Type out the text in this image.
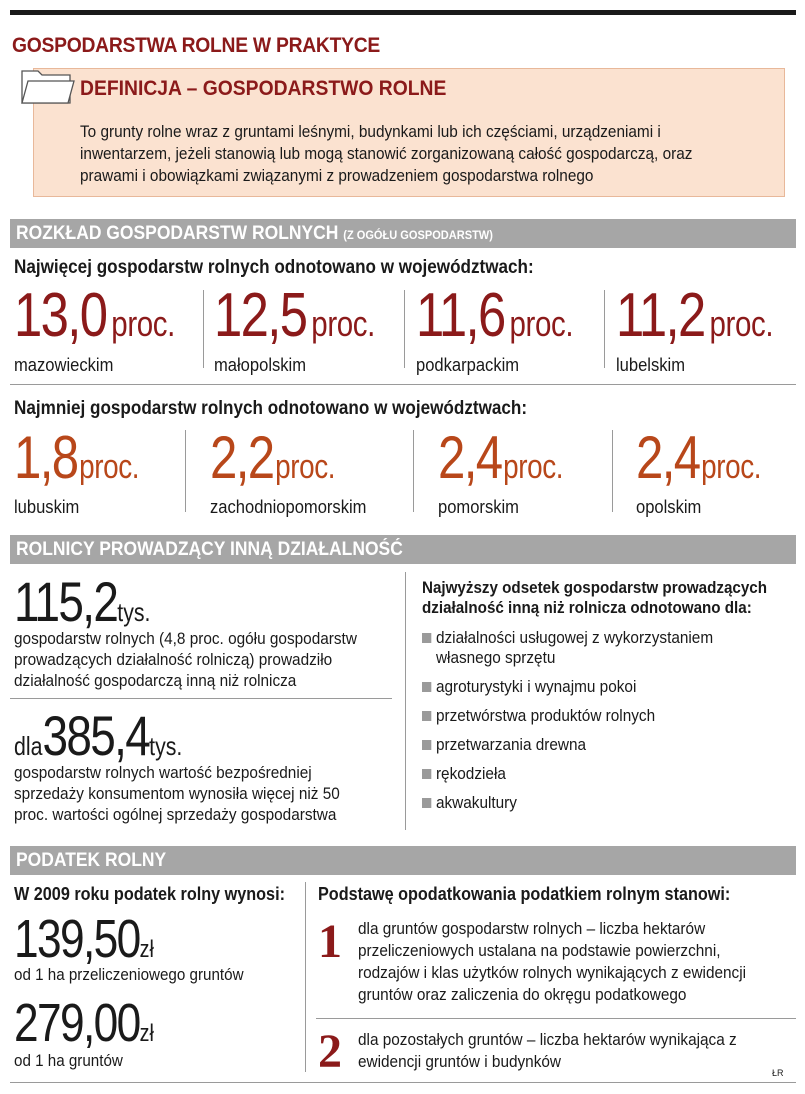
GOSPODARSTWA ROLNE W PRAKTYCE
DEFINICJA – GOSPODARSTWO ROLNE
To grunty rolne wraz z gruntami leśnymi, budynkami lub ich częściami, urządzeniami i inwentarzem, jeżeli stanowią lub mogą stanowić zorganizowaną całość gospodarczą, oraz prawami i obowiązkami związanymi z prowadzeniem gospodarstwa rolnego
ROZKŁAD GOSPODARSTW ROLNYCH (Z OGÓŁU GOSPODARSTW)
Najwięcej gospodarstw rolnych odnotowano w województwach:
13,0 proc.
mazowieckim
12,5 proc.
małopolskim
11,6 proc.
podkarpackim
11,2 proc.
lubelskim
Najmniej gospodarstw rolnych odnotowano w województwach:
1,8proc.
lubuskim
2,2proc.
zachodniopomorskim
2,4proc.
pomorskim
2,4proc.
opolskim
ROLNICY PROWADZĄCY INNĄ DZIAŁALNOŚĆ
115,2tys.
gospodarstw rolnych (4,8 proc. ogółu gospodarstw prowadzących działalność rolniczą) prowadziło działalność gospodarczą inną niż rolnicza
dla385,4tys.
gospodarstw rolnych wartość bezpośredniej sprzedaży konsumentom wynosiła więcej niż 50 proc. wartości ogólnej sprzedaży gospodarstwa
Najwyższy odsetek gospodarstw prowadzących działalność inną niż rolnicza odnotowano dla:
działalności usługowej z wykorzystaniem własnego sprzętu
agroturystyki i wynajmu pokoi
przetwórstwa produktów rolnych
przetwarzania drewna
rękodzieła
akwakultury
PODATEK ROLNY
W 2009 roku podatek rolny wynosi: Podstawę opodatkowania podatkiem rolnym stanowi:
139,50zł
od 1 ha przeliczeniowego gruntów
279,00zł
od 1 ha gruntów
1 dla gruntów gospodarstw rolnych – liczba hektarów przeliczeniowych ustalana na podstawie powierzchni, rodzajów i klas użytków rolnych wynikających z ewidencji gruntów oraz zaliczenia do okręgu podatkowego
2 dla pozostałych gruntów – liczba hektarów wynikająca z ewidencji gruntów i budynków
ŁR
